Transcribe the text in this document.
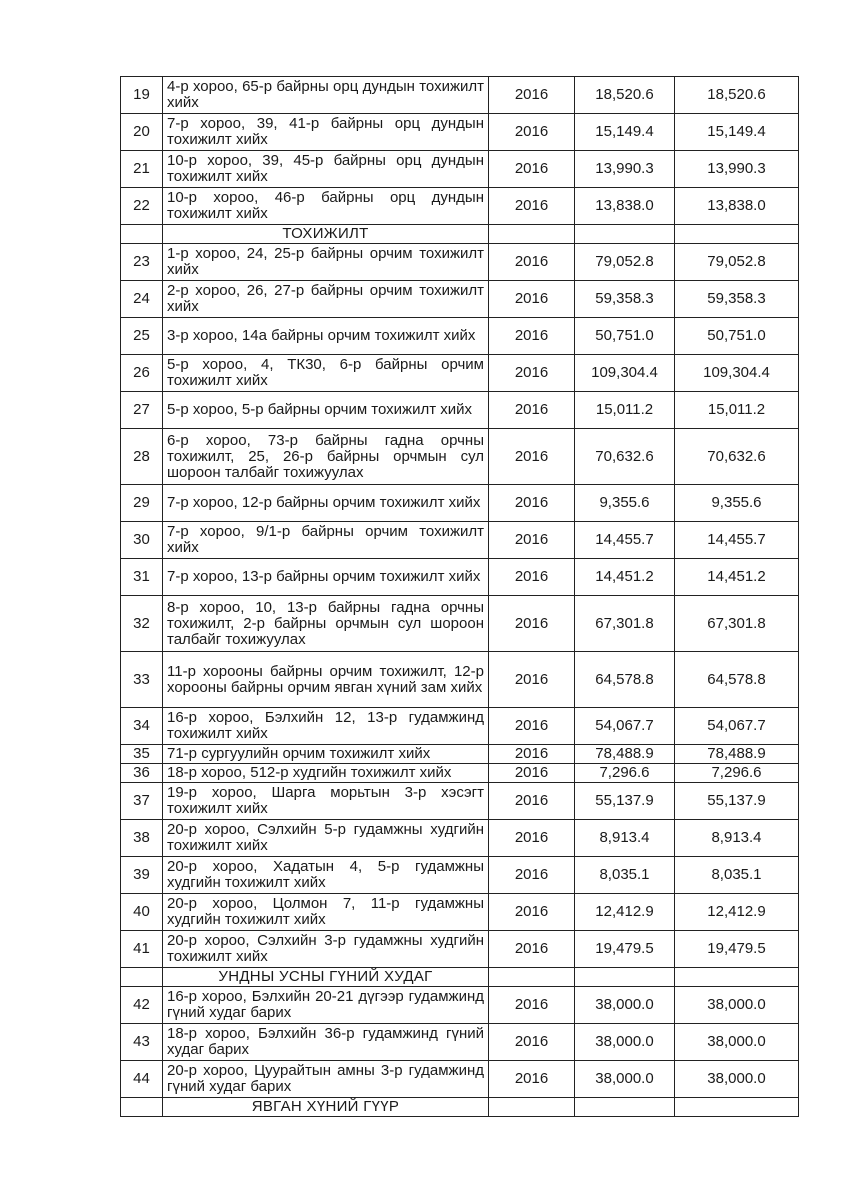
19	4-р хороо, 65-р байрны орц дундын тохижилт хийх	2016	18,520.6	18,520.6
20	7-р хороо, 39, 41-р байрны орц дундын тохижилт хийх	2016	15,149.4	15,149.4
21	10-р хороо, 39, 45-р байрны орц дундын тохижилт хийх	2016	13,990.3	13,990.3
22	10-р хороо, 46-р байрны орц дундын тохижилт хийх	2016	13,838.0	13,838.0
	ТОХИЖИЛТ			
23	1-р хороо, 24, 25-р байрны орчим тохижилт хийх	2016	79,052.8	79,052.8
24	2-р хороо, 26, 27-р байрны орчим тохижилт хийх	2016	59,358.3	59,358.3
25	3-р хороо, 14а байрны орчим тохижилт хийх	2016	50,751.0	50,751.0
26	5-р хороо, 4, ТК30, 6-р байрны орчим тохижилт хийх	2016	109,304.4	109,304.4
27	5-р хороо, 5-р байрны орчим тохижилт хийх	2016	15,011.2	15,011.2
28	6-р хороо, 73-р байрны гадна орчны тохижилт, 25, 26-р байрны орчмын сул шороон талбайг тохижуулах	2016	70,632.6	70,632.6
29	7-р хороо, 12-р байрны орчим тохижилт хийх	2016	9,355.6	9,355.6
30	7-р хороо, 9/1-р байрны орчим тохижилт хийх	2016	14,455.7	14,455.7
31	7-р хороо, 13-р байрны орчим тохижилт хийх	2016	14,451.2	14,451.2
32	8-р хороо, 10, 13-р байрны гадна орчны тохижилт, 2-р байрны орчмын сул шороон талбайг тохижуулах	2016	67,301.8	67,301.8
33	11-р хорооны байрны орчим тохижилт, 12-р хорооны байрны орчим явган хүний зам хийх	2016	64,578.8	64,578.8
34	16-р хороо, Бэлхийн 12, 13-р гудамжинд тохижилт хийх	2016	54,067.7	54,067.7
35	71-р сургуулийн орчим тохижилт хийх	2016	78,488.9	78,488.9
36	18-р хороо, 512-р худгийн тохижилт хийх	2016	7,296.6	7,296.6
37	19-р хороо, Шарга морьтын 3-р хэсэгт тохижилт хийх	2016	55,137.9	55,137.9
38	20-р хороо, Сэлхийн 5-р гудамжны худгийн тохижилт хийх	2016	8,913.4	8,913.4
39	20-р хороо, Хадатын 4, 5-р гудамжны худгийн тохижилт хийх	2016	8,035.1	8,035.1
40	20-р хороо, Цолмон 7, 11-р гудамжны худгийн тохижилт хийх	2016	12,412.9	12,412.9
41	20-р хороо, Сэлхийн 3-р гудамжны худгийн тохижилт хийх	2016	19,479.5	19,479.5
	УНДНЫ УСНЫ ГҮНИЙ ХУДАГ			
42	16-р хороо, Бэлхийн 20-21 дүгээр гудамжинд гүний худаг барих	2016	38,000.0	38,000.0
43	18-р хороо, Бэлхийн 36-р гудамжинд гүний худаг барих	2016	38,000.0	38,000.0
44	20-р хороо, Цуурайтын амны 3-р гудамжинд гүний худаг барих	2016	38,000.0	38,000.0
	ЯВГАН ХҮНИЙ ГҮҮР			
